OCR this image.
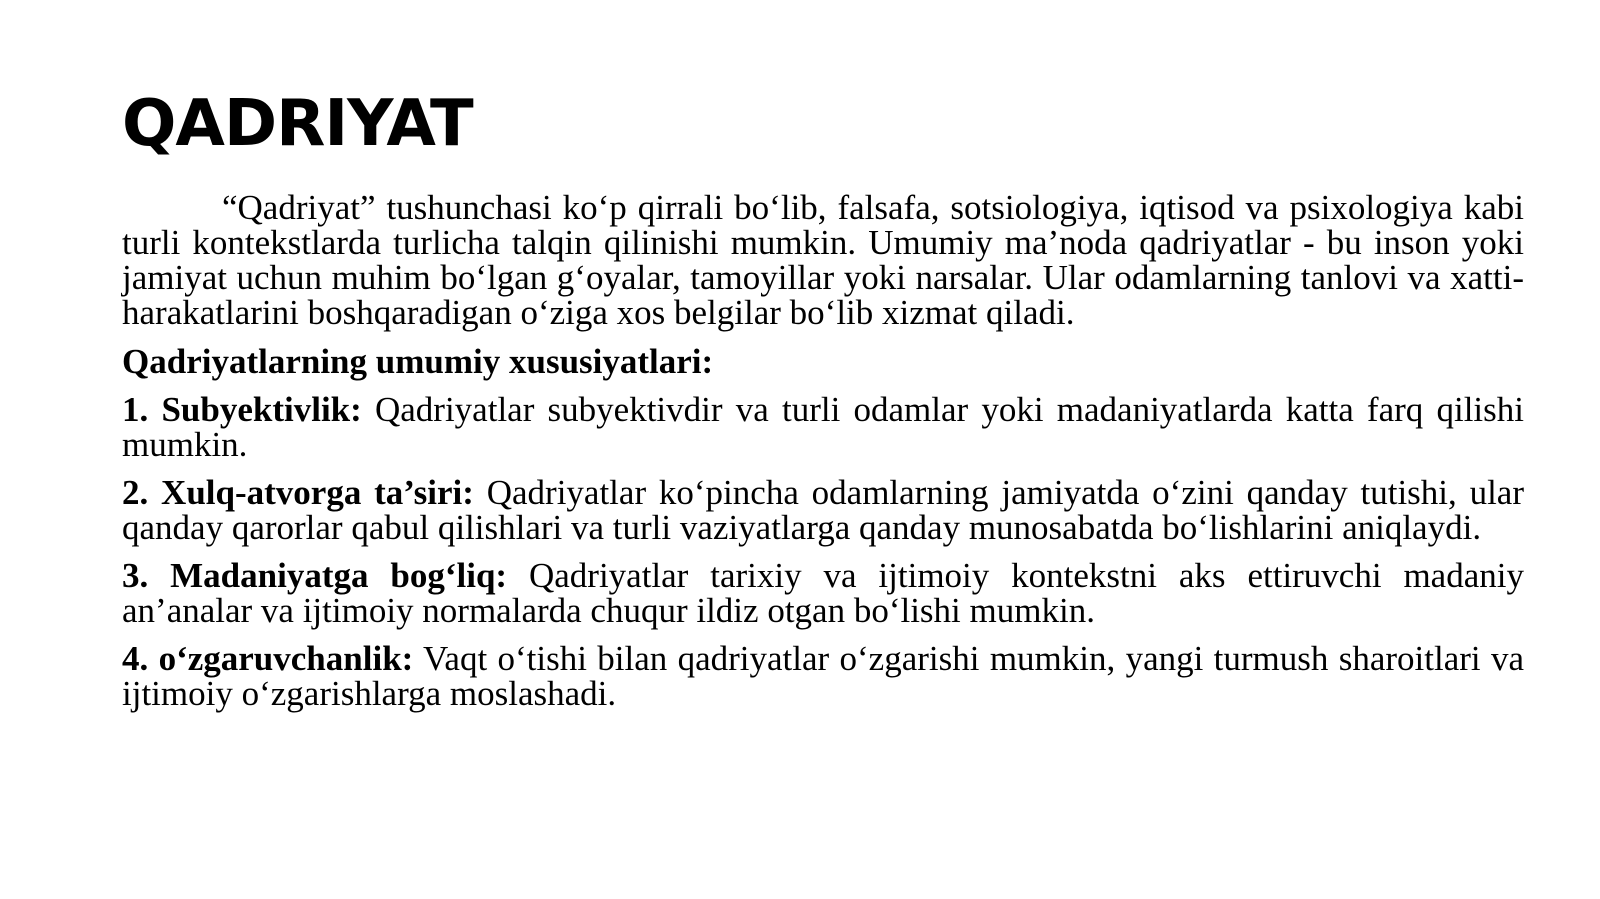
QADRIYAT

“Qadriyat” tushunchasi ko‘p qirrali bo‘lib, falsafa, sotsiologiya, iqtisod va psixologiya kabi turli kontekstlarda turlicha talqin qilinishi mumkin. Umumiy ma’noda qadriyatlar - bu inson yoki jamiyat uchun muhim bo‘lgan g‘oyalar, tamoyillar yoki narsalar. Ular odamlarning tanlovi va xatti-harakatlarini boshqaradigan o‘ziga xos belgilar bo‘lib xizmat qiladi.

Qadriyatlarning umumiy xususiyatlari:

1. Subyektivlik: Qadriyatlar subyektivdir va turli odamlar yoki madaniyatlarda katta farq qilishi mumkin.

2. Xulq-atvorga ta’siri: Qadriyatlar ko‘pincha odamlarning jamiyatda o‘zini qanday tutishi, ular qanday qarorlar qabul qilishlari va turli vaziyatlarga qanday munosabatda bo‘lishlarini aniqlaydi.

3. Madaniyatga bog‘liq: Qadriyatlar tarixiy va ijtimoiy kontekstni aks ettiruvchi madaniy an’analar va ijtimoiy normalarda chuqur ildiz otgan bo‘lishi mumkin.

4. o‘zgaruvchanlik: Vaqt o‘tishi bilan qadriyatlar o‘zgarishi mumkin, yangi turmush sharoitlari va ijtimoiy o‘zgarishlarga moslashadi.
